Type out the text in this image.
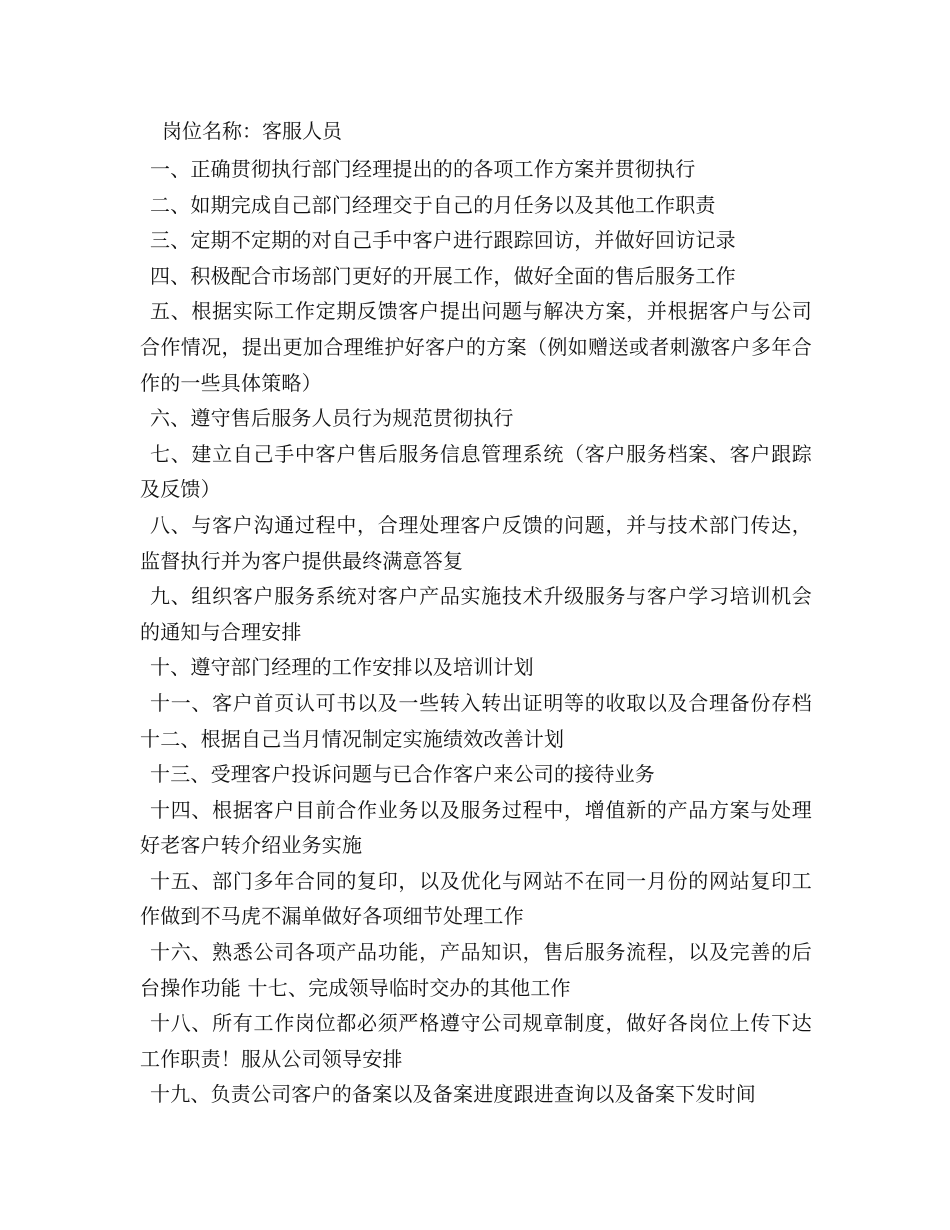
岗位名称：客服人员

一、正确贯彻执行部门经理提出的的各项工作方案并贯彻执行

二、如期完成自己部门经理交于自己的月任务以及其他工作职责

三、定期不定期的对自己手中客户进行跟踪回访，并做好回访记录

四、积极配合市场部门更好的开展工作，做好全面的售后服务工作

五、根据实际工作定期反馈客户提出问题与解决方案，并根据客户与公司合作情况，提出更加合理维护好客户的方案（例如赠送或者刺激客户多年合作的一些具体策略）

六、遵守售后服务人员行为规范贯彻执行

七、建立自己手中客户售后服务信息管理系统（客户服务档案、客户跟踪及反馈）

八、与客户沟通过程中，合理处理客户反馈的问题，并与技术部门传达，监督执行并为客户提供最终满意答复

九、组织客户服务系统对客户产品实施技术升级服务与客户学习培训机会的通知与合理安排

十、遵守部门经理的工作安排以及培训计划

十一、客户首页认可书以及一些转入转出证明等的收取以及合理备份存档 十二、根据自己当月情况制定实施绩效改善计划

十三、受理客户投诉问题与已合作客户来公司的接待业务

十四、根据客户目前合作业务以及服务过程中，增值新的产品方案与处理好老客户转介绍业务实施

十五、部门多年合同的复印，以及优化与网站不在同一月份的网站复印工作做到不马虎不漏单做好各项细节处理工作

十六、熟悉公司各项产品功能，产品知识，售后服务流程，以及完善的后台操作功能 十七、完成领导临时交办的其他工作

十八、所有工作岗位都必须严格遵守公司规章制度，做好各岗位上传下达工作职责！服从公司领导安排

十九、负责公司客户的备案以及备案进度跟进查询以及备案下发时间
